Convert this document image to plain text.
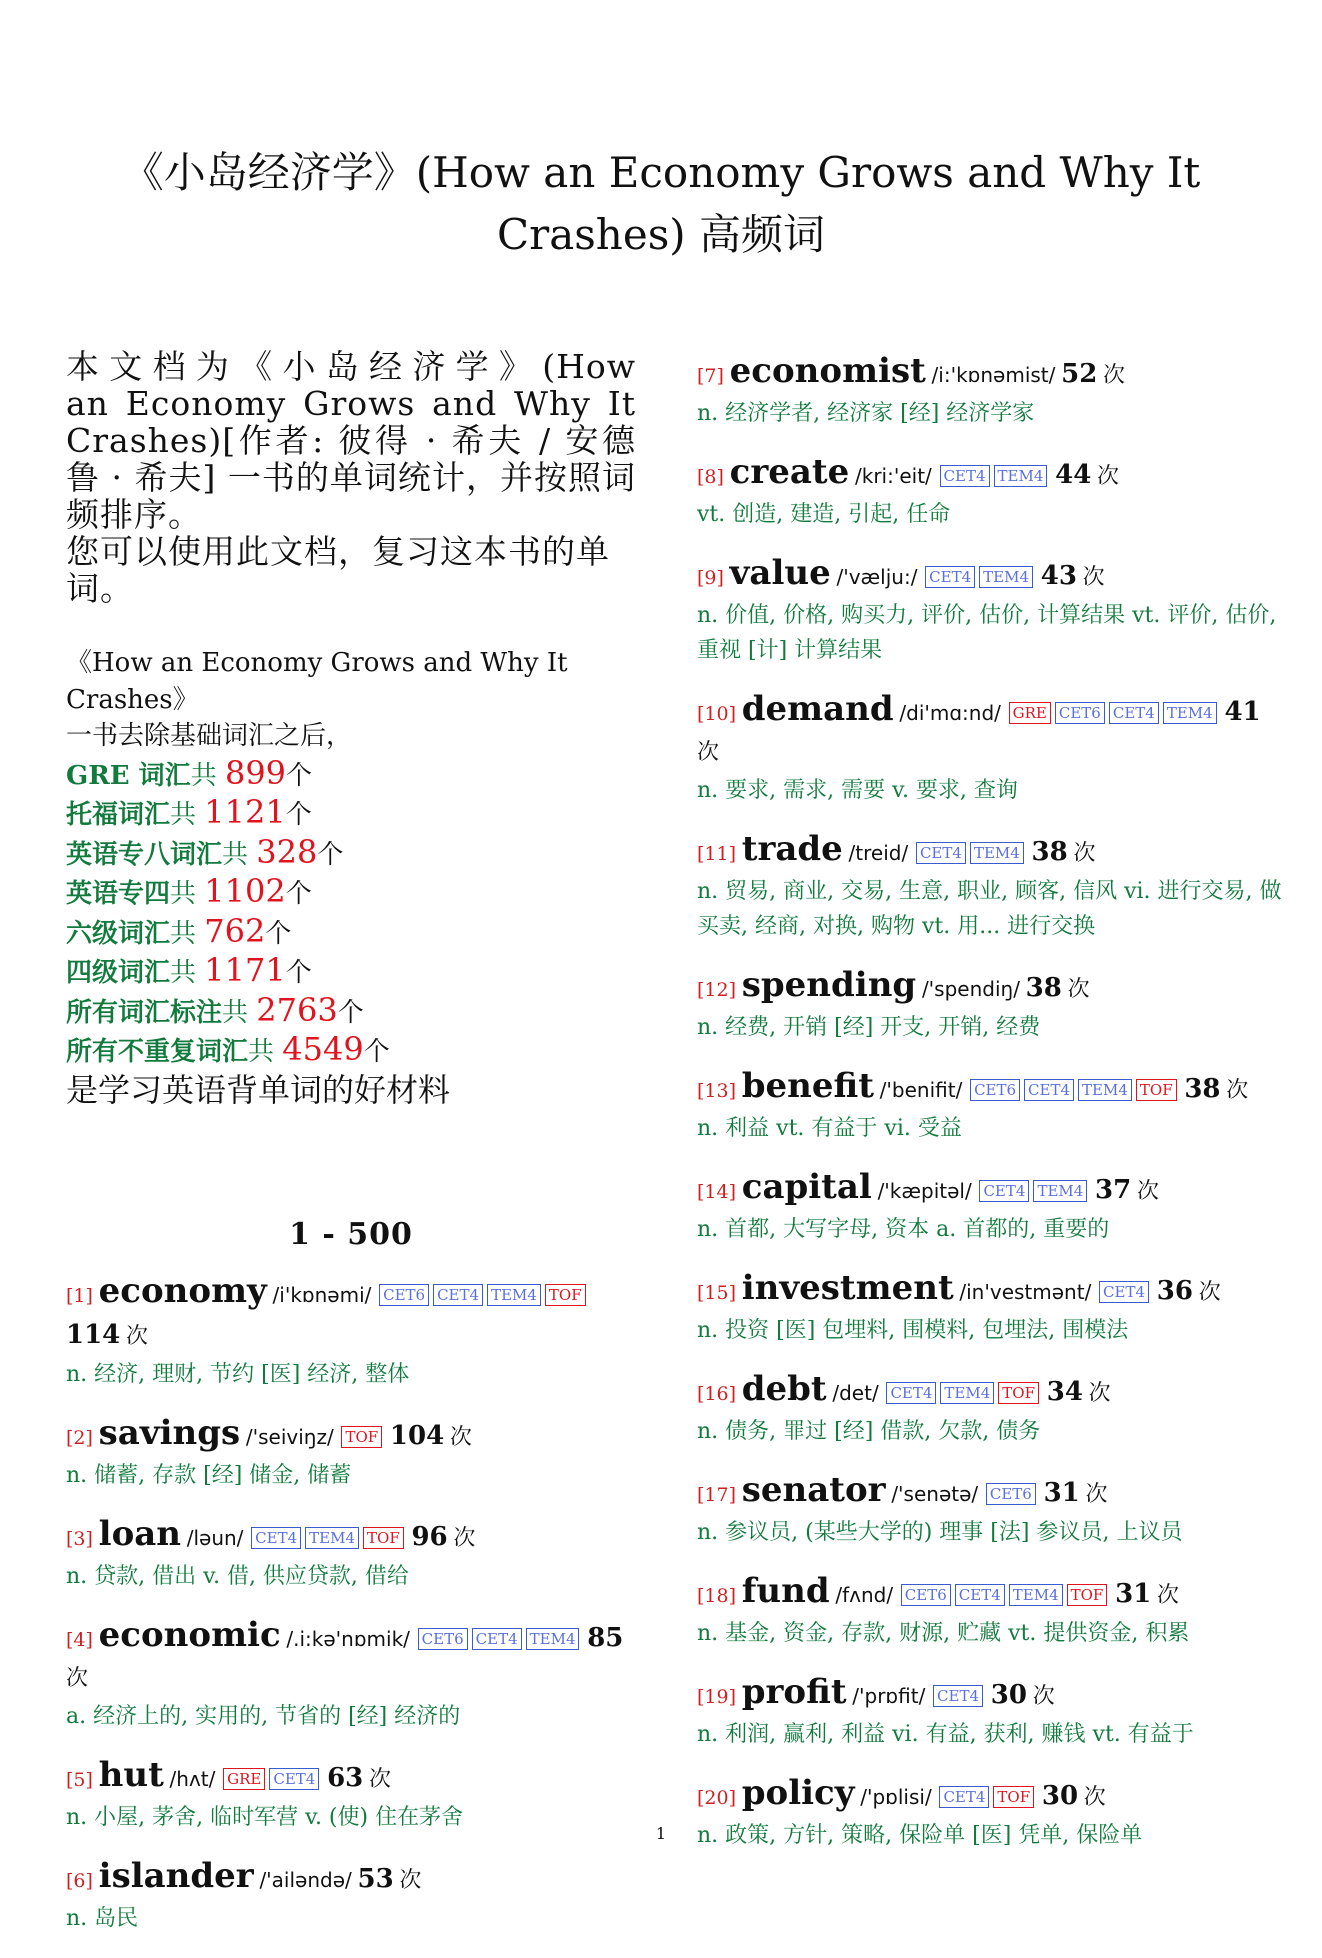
《小岛经济学》(How an Economy Grows and Why It Crashes) 高频词
本文档为《小岛经济学》(How
an Economy Grows and Why It
Crashes)[作者: 彼得 · 希夫 / 安德
鲁 · 希夫] 一书的单词统计，并按照词
频排序。
您可以使用此文档，复习这本书的单
词。
《How an Economy Grows and Why It Crashes》
一书去除基础词汇之后，
GRE 词汇共 899个
托福词汇共 1121个
英语专八词汇共 328个
英语专四共 1102个
六级词汇共 762个
四级词汇共 1171个
所有词汇标注共 2763个
所有不重复词汇共 4549个
是学习英语背单词的好材料
1 - 500
[1] economy /i'kɒnəmi/ CET6 CET4 TEM4 TOF 114 次
n. 经济, 理财, 节约 [医] 经济, 整体
[2] savings /'seiviŋz/ TOF 104 次
n. 储蓄, 存款 [经] 储金, 储蓄
[3] loan /ləun/ CET4 TEM4 TOF 96 次
n. 贷款, 借出 v. 借, 供应贷款, 借给
[4] economic /.i:kə'nɒmik/ CET6 CET4 TEM4 85 次
a. 经济上的, 实用的, 节省的 [经] 经济的
[5] hut /hʌt/ GRE CET4 63 次
n. 小屋, 茅舍, 临时军营 v. (使) 住在茅舍
[6] islander /'ailəndə/ 53 次
n. 岛民
[7] economist /i:'kɒnəmist/ 52 次
n. 经济学者, 经济家 [经] 经济学家
[8] create /kri:'eit/ CET4 TEM4 44 次
vt. 创造, 建造, 引起, 任命
[9] value /'vælju:/ CET4 TEM4 43 次
n. 价值, 价格, 购买力, 评价, 估价, 计算结果 vt. 评价, 估价, 重视 [计] 计算结果
[10] demand /di'mɑ:nd/ GRE CET6 CET4 TEM4 41 次
n. 要求, 需求, 需要 v. 要求, 查询
[11] trade /treid/ CET4 TEM4 38 次
n. 贸易, 商业, 交易, 生意, 职业, 顾客, 信风 vi. 进行交易, 做买卖, 经商, 对换, 购物 vt. 用... 进行交换
[12] spending /'spendiŋ/ 38 次
n. 经费, 开销 [经] 开支, 开销, 经费
[13] benefit /'benifit/ CET6 CET4 TEM4 TOF 38 次
n. 利益 vt. 有益于 vi. 受益
[14] capital /'kæpitəl/ CET4 TEM4 37 次
n. 首都, 大写字母, 资本 a. 首都的, 重要的
[15] investment /in'vestmənt/ CET4 36 次
n. 投资 [医] 包埋料, 围模料, 包埋法, 围模法
[16] debt /det/ CET4 TEM4 TOF 34 次
n. 债务, 罪过 [经] 借款, 欠款, 债务
[17] senator /'senətə/ CET6 31 次
n. 参议员, (某些大学的) 理事 [法] 参议员, 上议员
[18] fund /fʌnd/ CET6 CET4 TEM4 TOF 31 次
n. 基金, 资金, 存款, 财源, 贮藏 vt. 提供资金, 积累
[19] profit /'prɒfit/ CET4 30 次
n. 利润, 赢利, 利益 vi. 有益, 获利, 赚钱 vt. 有益于
[20] policy /'pɒlisi/ CET4 TOF 30 次
n. 政策, 方针, 策略, 保险单 [医] 凭单, 保险单
1
